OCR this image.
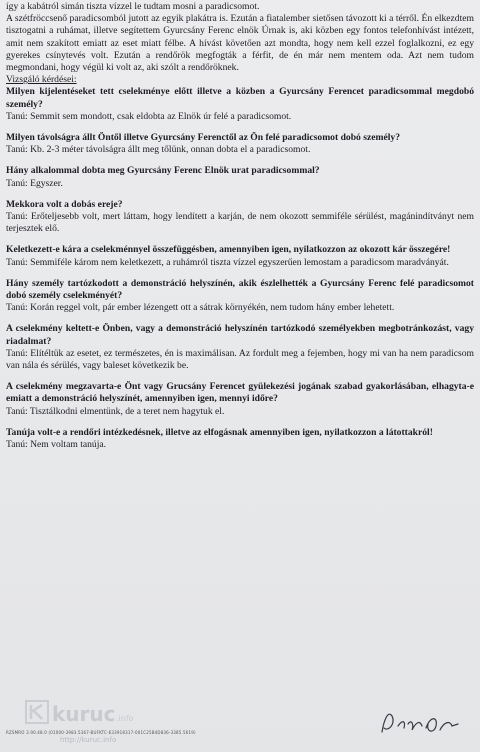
így a kabátról simán tiszta vízzel le tudtam mosni a paradicsomot.

A szétfröccsenő paradicsomból jutott az egyik plakátra is. Ezután a fiatalember sietősen távozott ki a térről. Én elkezdtem tisztogatni a ruhámat, illetve segítettem Gyurcsány Ferenc elnök Úrnak is, aki közben egy fontos telefonhívást intézett, amit nem szakított emiatt az eset miatt félbe. A hívást követően azt mondta, hogy nem kell ezzel foglalkozni, ez egy gyerekes csínytevés volt. Ezután a rendőrök megfogták a férfit, de én már nem mentem oda. Azt nem tudom megmondani, hogy végül ki volt az, aki szólt a rendőröknek.

Vizsgáló kérdései:

Milyen kijelentéseket tett cselekménye előtt illetve a közben a Gyurcsány Ferencet paradicsommal megdobó személy?

Tanú: Semmit sem mondott, csak eldobta az Elnök úr felé a paradicsomot.

Milyen távolságra állt Öntől illetve Gyurcsány Ferenctől az Ön felé paradicsomot dobó személy?

Tanú: Kb. 2-3 méter távolságra állt meg tőlünk, onnan dobta el a paradicsomot.

Hány alkalommal dobta meg Gyurcsány Ferenc Elnök urat paradicsommal?

Tanú: Egyszer.

Mekkora volt a dobás ereje?

Tanú: Erőteljesebb volt, mert láttam, hogy lendített a karján, de nem okozott semmiféle sérülést, magánindítványt nem terjesztek elő.

Keletkezett-e kára a cselekménnyel összefüggésben, amennyiben igen, nyilatkozzon az okozott kár összegére!

Tanú: Semmiféle károm nem keletkezett, a ruhámról tiszta vízzel egyszerűen lemostam a paradicsom maradványát.

Hány személy tartózkodott a demonstráció helyszínén, akik észlelhették a Gyurcsány Ferenc felé paradicsomot dobó személy cselekményét?

Tanú: Korán reggel volt, pár ember lézengett ott a sátrak környékén, nem tudom hány ember lehetett.

A cselekmény keltett-e Önben, vagy a demonstráció helyszínén tartózkodó személyekben megbotránkozást, vagy riadalmat?

Tanú: Elítéltük az esetet, ez természetes, én is maximálisan. Az fordult meg a fejemben, hogy mi van ha nem paradicsom van nála és sérülés, vagy baleset következik be.

A cselekmény megzavarta-e Önt vagy Grucsány Ferencet gyülekezési jogának szabad gyakorlásában, elhagyta-e emiatt a demonstráció helyszínét, amennyiben igen, mennyi időre?

Tanú: Tisztálkodni elmentünk, de a teret nem hagytuk el.

Tanúja volt-e a rendőri intézkedésnek, illetve az elfogásnak amennyiben igen, nyilatkozzon a látottakról!

Tanú: Nem voltam tanúja.

kuruc .info
http://kuruc.info
RZSMRO 3.90.48.0 (01000-3983.5367-BUFKTC-633918317-001C25B4D836-3385.5619)
